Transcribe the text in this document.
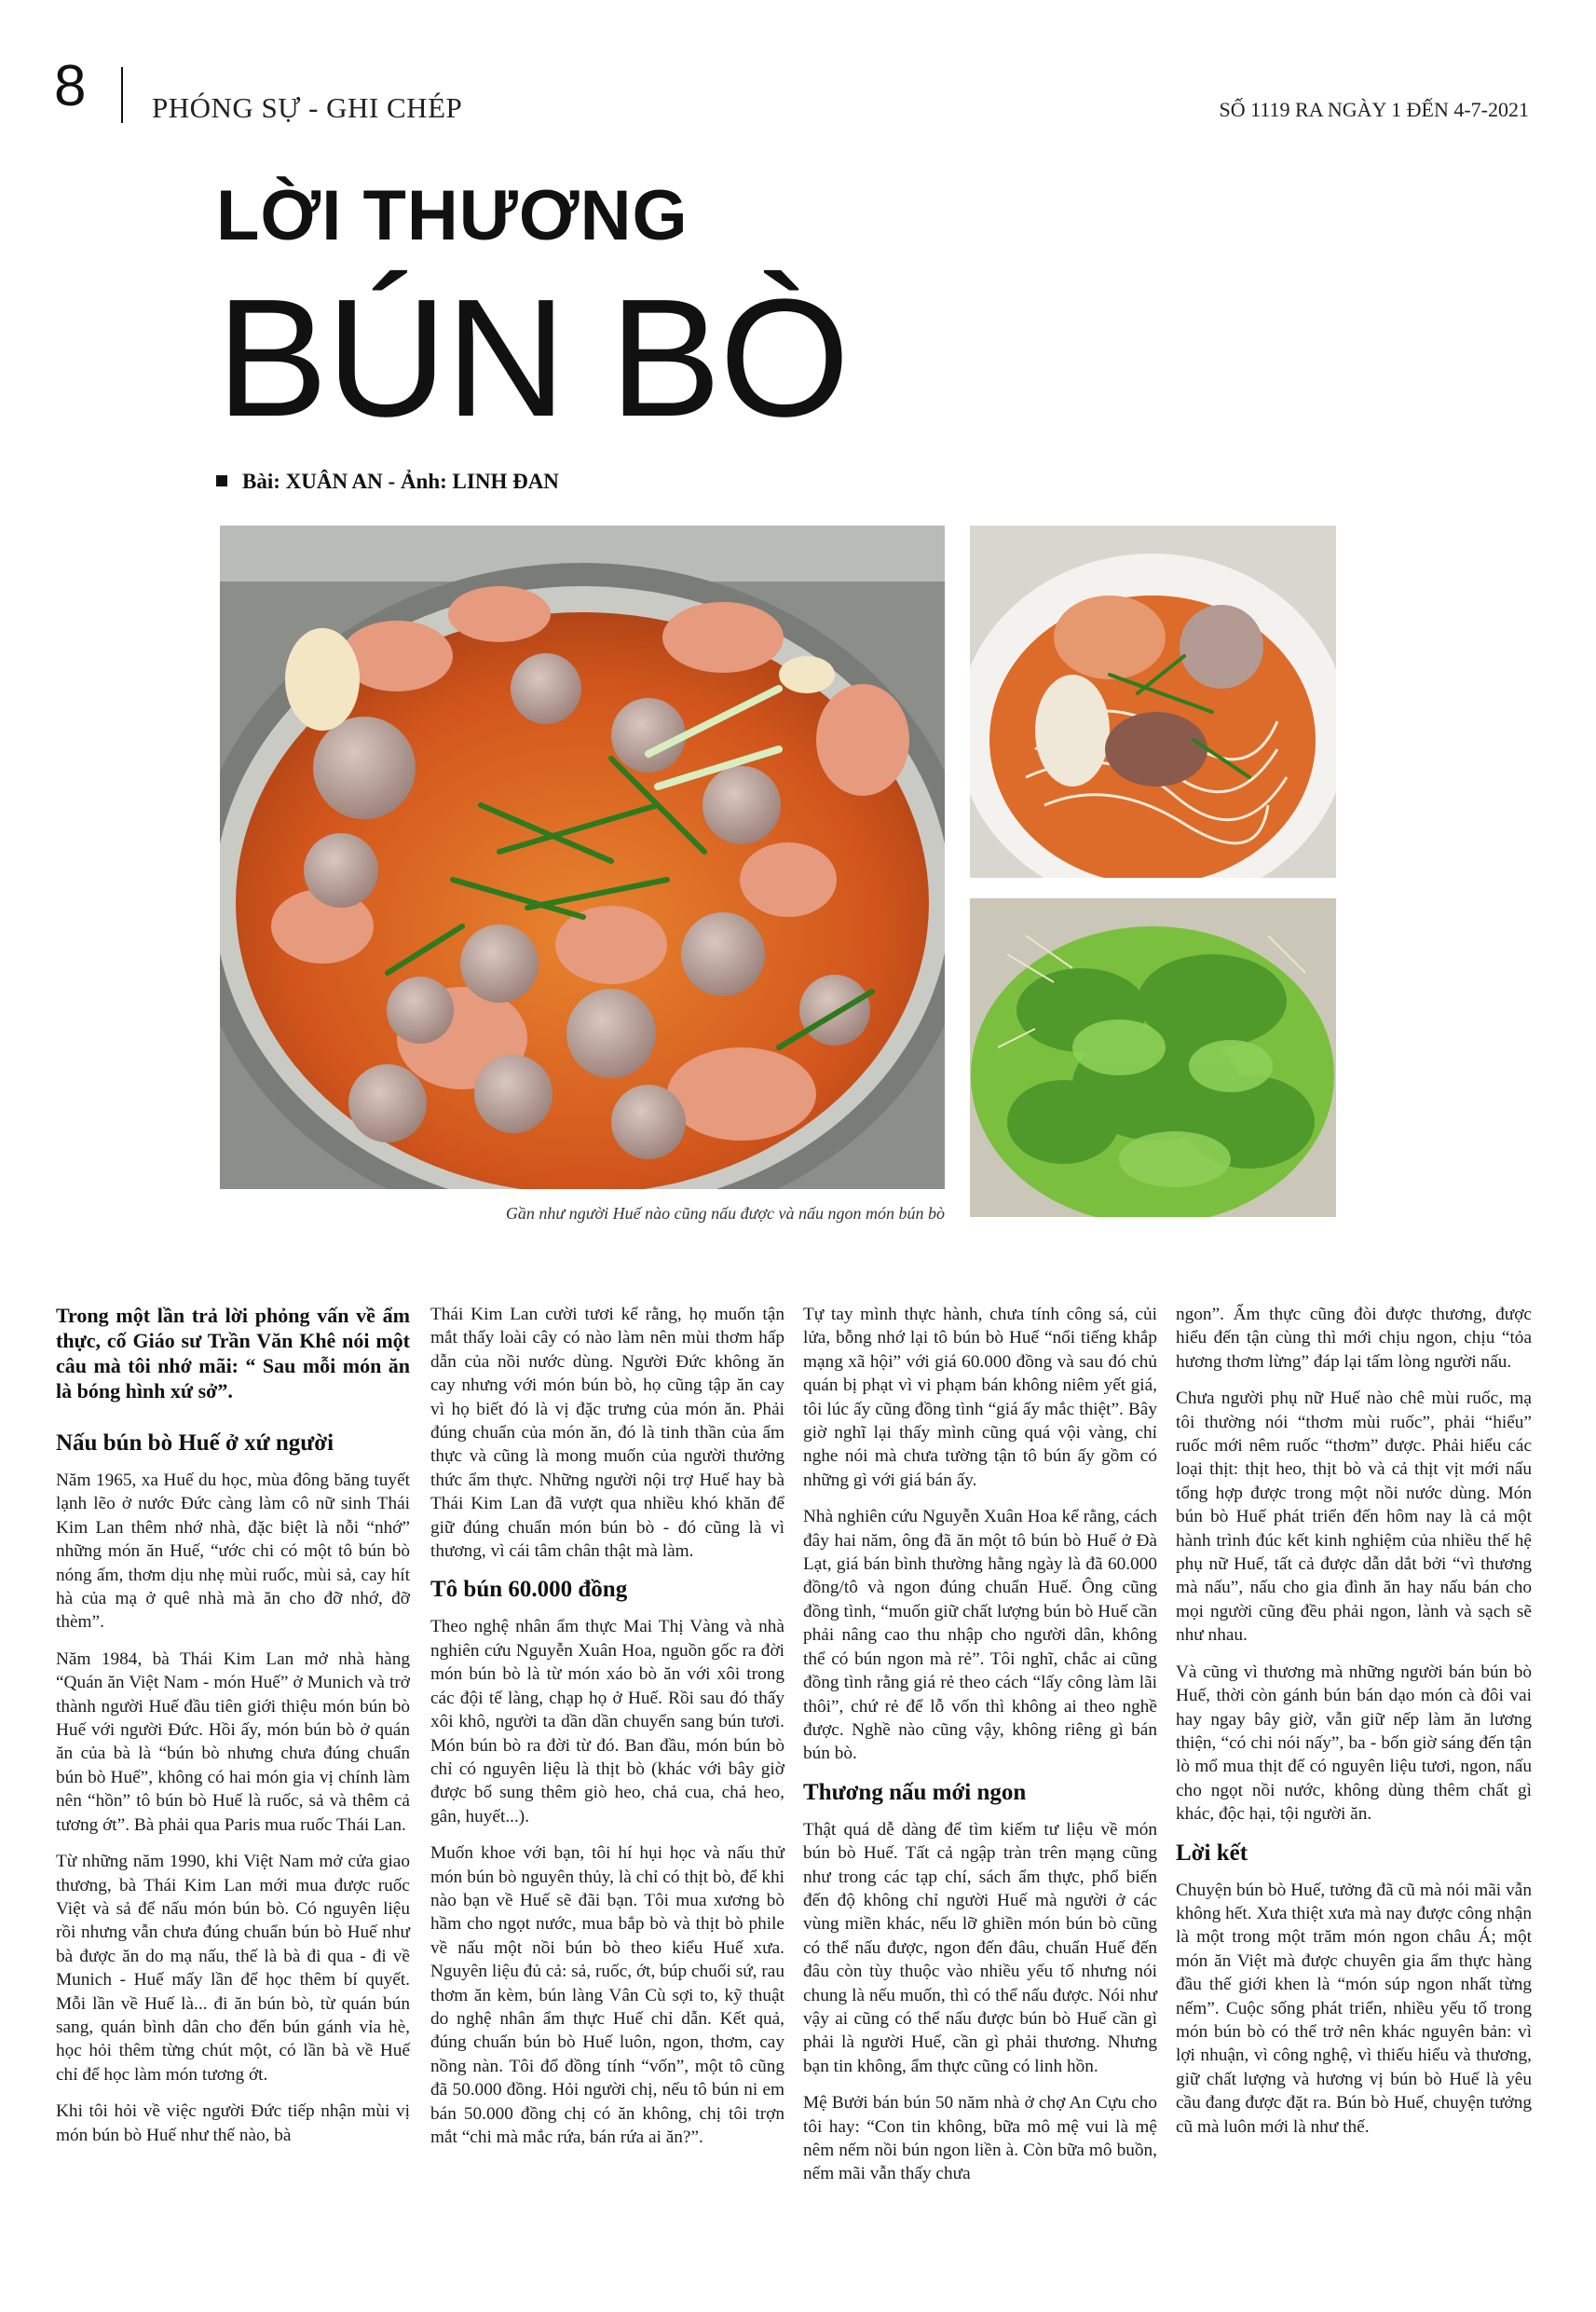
8 PHÓNG SỰ - GHI CHÉP	SỐ 1119 RA NGÀY 1 ĐẾN 4-7-2021
LỜI THƯƠNG
BÚN BÒ
Bài: XUÂN AN - Ảnh: LINH ĐAN
Gần như người Huế nào cũng nấu được và nấu ngon món bún bò

Trong một lần trả lời phỏng vấn về ẩm thực, cố Giáo sư Trần Văn Khê nói một câu mà tôi nhớ mãi: “ Sau mỗi món ăn là bóng hình xứ sở”.

Nấu bún bò Huế ở xứ người

Năm 1965, xa Huế du học, mùa đông băng tuyết lạnh lẽo ở nước Đức càng làm cô nữ sinh Thái Kim Lan thêm nhớ nhà, đặc biệt là nỗi “nhớ” những món ăn Huế, “ước chi có một tô bún bò nóng ấm, thơm dịu nhẹ mùi ruốc, mùi sả, cay hít hà của mạ ở quê nhà mà ăn cho đỡ nhớ, đỡ thèm”.

Năm 1984, bà Thái Kim Lan mở nhà hàng “Quán ăn Việt Nam - món Huế” ở Munich và trở thành người Huế đầu tiên giới thiệu món bún bò Huế với người Đức. Hồi ấy, món bún bò ở quán ăn của bà là “bún bò nhưng chưa đúng chuẩn bún bò Huế”, không có hai món gia vị chính làm nên “hồn” tô bún bò Huế là ruốc, sả và thêm cả tương ớt”. Bà phải qua Paris mua ruốc Thái Lan.

Từ những năm 1990, khi Việt Nam mở cửa giao thương, bà Thái Kim Lan mới mua được ruốc Việt và sả để nấu món bún bò. Có nguyên liệu rồi nhưng vẫn chưa đúng chuẩn bún bò Huế như bà được ăn do mạ nấu, thế là bà đi qua - đi về Munich - Huế mấy lần để học thêm bí quyết. Mỗi lần về Huế là... đi ăn bún bò, từ quán bún sang, quán bình dân cho đến bún gánh vỉa hè, học hỏi thêm từng chút một, có lần bà về Huế chỉ để học làm món tương ớt.

Khi tôi hỏi về việc người Đức tiếp nhận mùi vị món bún bò Huế như thế nào, bà

Thái Kim Lan cười tươi kể rằng, họ muốn tận mắt thấy loài cây có nào làm nên mùi thơm hấp dẫn của nồi nước dùng. Người Đức không ăn cay nhưng với món bún bò, họ cũng tập ăn cay vì họ biết đó là vị đặc trưng của món ăn. Phải đúng chuẩn của món ăn, đó là tinh thần của ẩm thực và cũng là mong muốn của người thưởng thức ẩm thực. Những người nội trợ Huế hay bà Thái Kim Lan đã vượt qua nhiều khó khăn để giữ đúng chuẩn món bún bò - đó cũng là vì thương, vì cái tâm chân thật mà làm.

Tô bún 60.000 đồng

Theo nghệ nhân ẩm thực Mai Thị Vàng và nhà nghiên cứu Nguyễn Xuân Hoa, nguồn gốc ra đời món bún bò là từ món xáo bò ăn với xôi trong các đội tế làng, chạp họ ở Huế. Rồi sau đó thấy xôi khô, người ta dần dần chuyển sang bún tươi. Món bún bò ra đời từ đó. Ban đầu, món bún bò chỉ có nguyên liệu là thịt bò (khác với bây giờ được bổ sung thêm giò heo, chả cua, chả heo, gân, huyết...).

Muốn khoe với bạn, tôi hí hụi học và nấu thử món bún bò nguyên thủy, là chỉ có thịt bò, để khi nào bạn về Huế sẽ đãi bạn. Tôi mua xương bò hầm cho ngọt nước, mua bắp bò và thịt bò phile về nấu một nồi bún bò theo kiểu Huế xưa. Nguyên liệu đủ cả: sả, ruốc, ớt, búp chuối sứ, rau thơm ăn kèm, bún làng Vân Cù sợi to, kỹ thuật do nghệ nhân ẩm thực Huế chỉ dẫn. Kết quả, đúng chuẩn bún bò Huế luôn, ngon, thơm, cay nồng nàn. Tôi đổ đồng tính “vốn”, một tô cũng đã 50.000 đồng. Hỏi người chị, nếu tô bún ni em bán 50.000 đồng chị có ăn không, chị tôi trợn mắt “chi mà mắc rứa, bán rứa ai ăn?”.

Tự tay mình thực hành, chưa tính công sá, củi lửa, bỗng nhớ lại tô bún bò Huế “nổi tiếng khắp mạng xã hội” với giá 60.000 đồng và sau đó chủ quán bị phạt vì vi phạm bán không niêm yết giá, tôi lúc ấy cũng đồng tình “giá ấy mắc thiệt”. Bây giờ nghĩ lại thấy mình cũng quá vội vàng, chỉ nghe nói mà chưa tường tận tô bún ấy gồm có những gì với giá bán ấy.

Nhà nghiên cứu Nguyễn Xuân Hoa kể rằng, cách đây hai năm, ông đã ăn một tô bún bò Huế ở Đà Lạt, giá bán bình thường hằng ngày là đã 60.000 đồng/tô và ngon đúng chuẩn Huế. Ông cũng đồng tình, “muốn giữ chất lượng bún bò Huế cần phải nâng cao thu nhập cho người dân, không thể có bún ngon mà rẻ”. Tôi nghĩ, chắc ai cũng đồng tình rằng giá rẻ theo cách “lấy công làm lãi thôi”, chứ rẻ để lỗ vốn thì không ai theo nghề được. Nghề nào cũng vậy, không riêng gì bán bún bò.

Thương nấu mới ngon

Thật quá dễ dàng để tìm kiếm tư liệu về món bún bò Huế. Tất cả ngập tràn trên mạng cũng như trong các tạp chí, sách ẩm thực, phổ biến đến độ không chỉ người Huế mà người ở các vùng miền khác, nếu lỡ ghiền món bún bò cũng có thể nấu được, ngon đến đâu, chuẩn Huế đến đâu còn tùy thuộc vào nhiều yếu tố nhưng nói chung là nếu muốn, thì có thể nấu được. Nói như vậy ai cũng có thể nấu được bún bò Huế cần gì phải là người Huế, cần gì phải thương. Nhưng bạn tin không, ẩm thực cũng có linh hồn.

Mệ Bưởi bán bún 50 năm nhà ở chợ An Cựu cho tôi hay: “Con tin không, bữa mô mệ vui là mệ nêm nếm nồi bún ngon liền à. Còn bữa mô buồn, nếm mãi vẫn thấy chưa

ngon”. Ẩm thực cũng đòi được thương, được hiểu đến tận cùng thì mới chịu ngon, chịu “tỏa hương thơm lừng” đáp lại tấm lòng người nấu.

Chưa người phụ nữ Huế nào chê mùi ruốc, mạ tôi thường nói “thơm mùi ruốc”, phải “hiểu” ruốc mới nêm ruốc “thơm” được. Phải hiểu các loại thịt: thịt heo, thịt bò và cả thịt vịt mới nấu tổng hợp được trong một nồi nước dùng. Món bún bò Huế phát triển đến hôm nay là cả một hành trình đúc kết kinh nghiệm của nhiều thế hệ phụ nữ Huế, tất cả được dẫn dắt bởi “vì thương mà nấu”, nấu cho gia đình ăn hay nấu bán cho mọi người cũng đều phải ngon, lành và sạch sẽ như nhau.

Và cũng vì thương mà những người bán bún bò Huế, thời còn gánh bún bán dạo món cà đôi vai hay ngay bây giờ, vẫn giữ nếp làm ăn lương thiện, “có chi nói nấy”, ba - bốn giờ sáng đến tận lò mổ mua thịt để có nguyên liệu tươi, ngon, nấu cho ngọt nồi nước, không dùng thêm chất gì khác, độc hại, tội người ăn.

Lời kết

Chuyện bún bò Huế, tưởng đã cũ mà nói mãi vẫn không hết. Xưa thiệt xưa mà nay được công nhận là một trong một trăm món ngon châu Á; một món ăn Việt mà được chuyên gia ẩm thực hàng đầu thế giới khen là “món súp ngon nhất từng nếm”. Cuộc sống phát triển, nhiều yếu tố trong món bún bò có thể trở nên khác nguyên bản: vì lợi nhuận, vì công nghệ, vì thiếu hiểu và thương, giữ chất lượng và hương vị bún bò Huế là yêu cầu đang được đặt ra. Bún bò Huế, chuyện tưởng cũ mà luôn mới là như thế.
